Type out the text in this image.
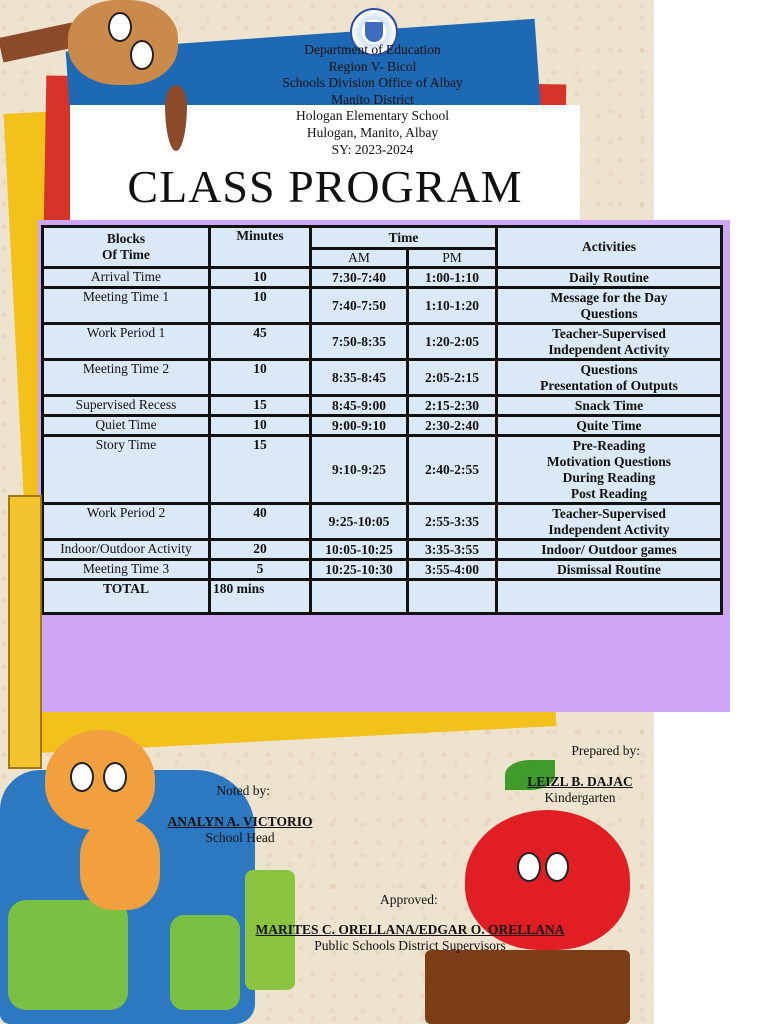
Department of Education
Region V- Bicol
Schools Division Office of Albay
Manito District
Hologan Elementary School
Hulogan, Manito, Albay
SY: 2023-2024
CLASS PROGRAM
Blocks
Of Time	Minutes	Time		Activities
		AM	PM	
Arrival Time	10	7:30-7:40	1:00-1:10	Daily Routine

Meeting Time 1	10	7:40-7:50	1:10-1:20	Message for the Day
Questions

Work Period 1	45	7:50-8:35	1:20-2:05	Teacher-Supervised
Independent Activity

Meeting Time 2	10	8:35-8:45	2:05-2:15	Questions
Presentation of Outputs

Supervised Recess	15	8:45-9:00	2:15-2:30	Snack Time

Quiet Time	10	9:00-9:10	2:30-2:40	Quite Time

Story Time	15	9:10-9:25	2:40-2:55	Pre-Reading
Motivation Questions
During Reading
Post Reading

Work Period 2	40	9:25-10:05	2:55-3:35	Teacher-Supervised
Independent Activity

Indoor/Outdoor Activity	20	10:05-10:25	3:35-3:55	Indoor/ Outdoor games

Meeting Time 3	5	10:25-10:30	3:55-4:00	Dismissal Routine

TOTAL	180 mins			
Prepared by:
LEIZL B. DAJAC
Kindergarten
Noted by:
ANALYN A. VICTORIO
School Head
Approved:
MARITES C. ORELLANA/EDGAR O. ORELLANA
Public Schools District Supervisors
